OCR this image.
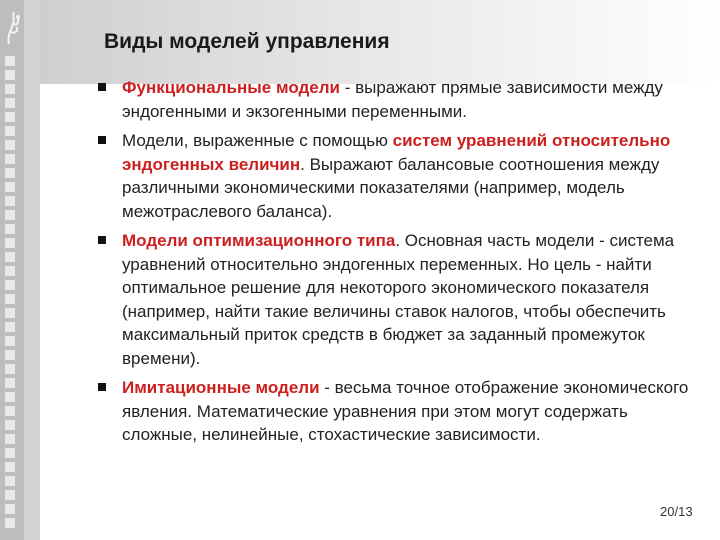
Виды моделей управления
Функциональные модели - выражают прямые зависимости между эндогенными и экзогенными переменными.
Модели, выраженные с помощью систем уравнений относительно эндогенных величин. Выражают балансовые соотношения между различными экономическими показателями (например, модель межотраслевого баланса).
Модели оптимизационного типа. Основная часть модели - система уравнений относительно эндогенных переменных. Но цель - найти оптимальное решение для некоторого экономического показателя (например, найти такие величины ставок налогов, чтобы обеспечить максимальный приток средств в бюджет за заданный промежуток времени).
Имитационные модели - весьма точное отображение экономического явления. Математические уравнения при этом могут содержать сложные, нелинейные, стохастические зависимости.
20/13
